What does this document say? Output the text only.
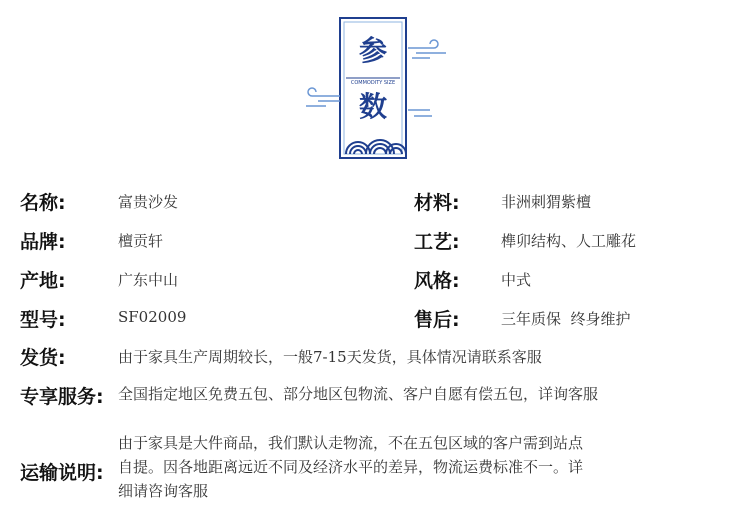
参
COMMODITY SIZE
数
名称:	富贵沙发	材料:	非洲刺猬紫檀
品牌:	檀贡轩	工艺:	榫卯结构、人工雕花
产地:	广东中山	风格:	中式
型号:	SF02009	售后:	三年质保  终身维护
发货:	由于家具生产周期较长，一般7-15天发货，具体情况请联系客服
专享服务: 全国指定地区免费五包、部分地区包物流、客户自愿有偿五包，详询客服
运输说明:
由于家具是大件商品，我们默认走物流，不在五包区域的客户需到站点
自提。因各地距离远近不同及经济水平的差异，物流运费标准不一。详
细请咨询客服
